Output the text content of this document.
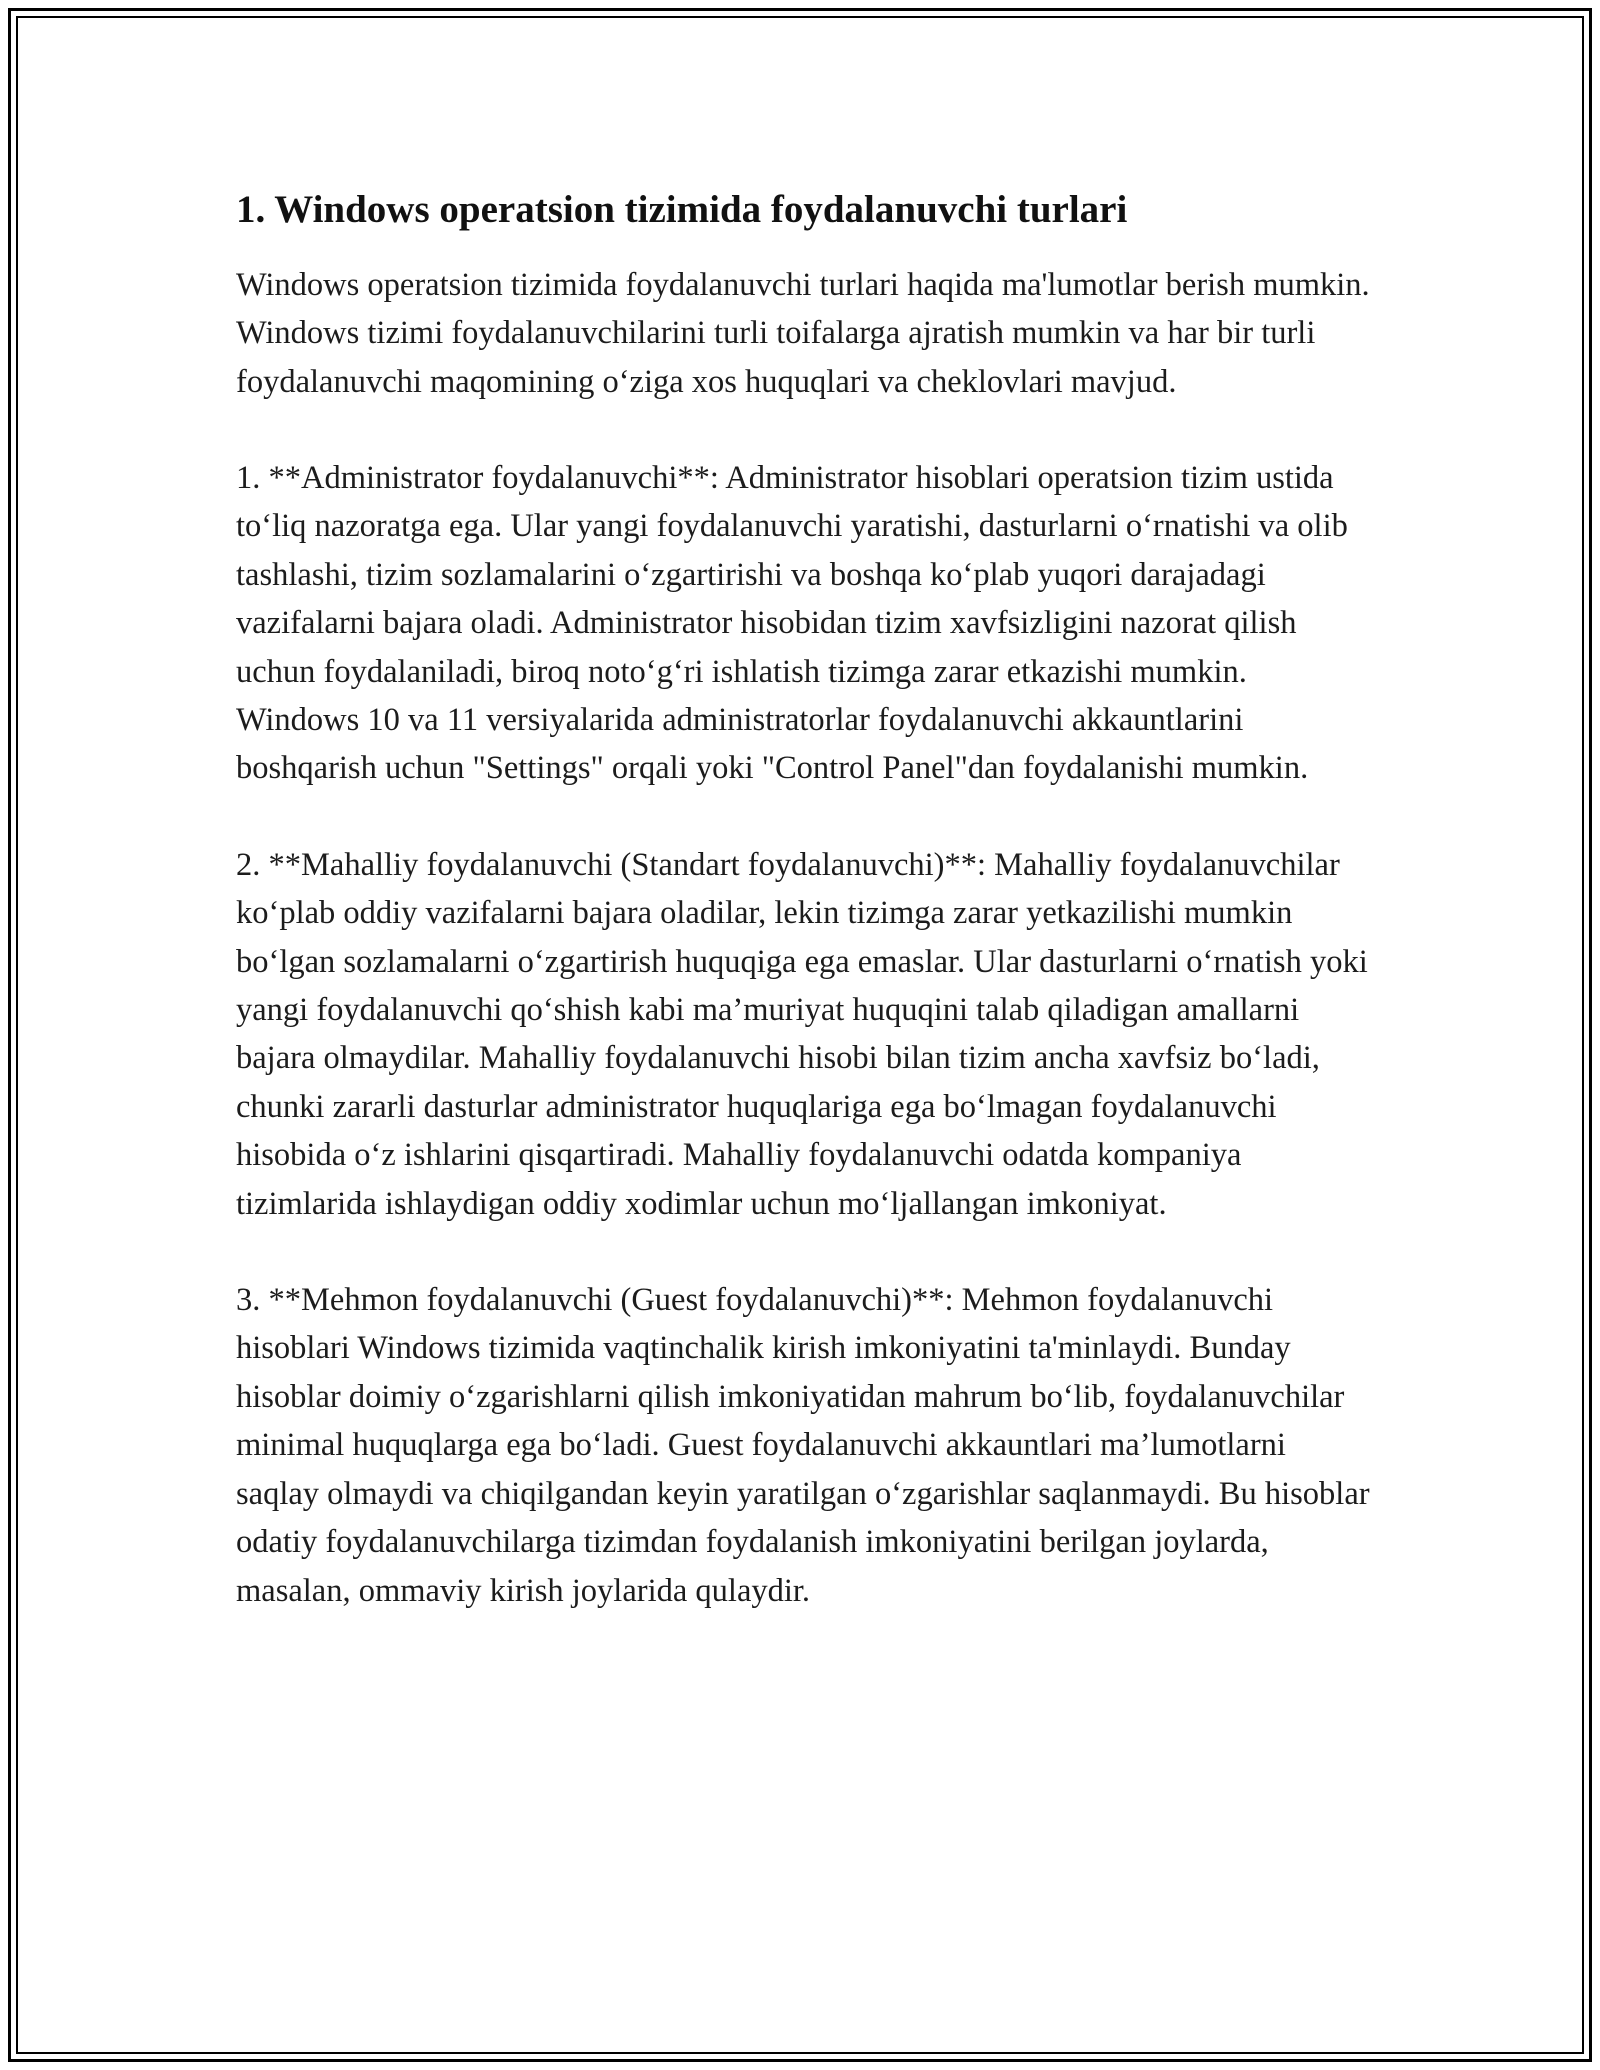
1. Windows operatsion tizimida foydalanuvchi turlari

Windows operatsion tizimida foydalanuvchi turlari haqida ma'lumotlar berish mumkin. Windows tizimi foydalanuvchilarini turli toifalarga ajratish mumkin va har bir turli foydalanuvchi maqomining o‘ziga xos huquqlari va cheklovlari mavjud.

1. **Administrator foydalanuvchi**: Administrator hisoblari operatsion tizim ustida to‘liq nazoratga ega. Ular yangi foydalanuvchi yaratishi, dasturlarni o‘rnatishi va olib tashlashi, tizim sozlamalarini o‘zgartirishi va boshqa ko‘plab yuqori darajadagi vazifalarni bajara oladi. Administrator hisobidan tizim xavfsizligini nazorat qilish uchun foydalaniladi, biroq noto‘g‘ri ishlatish tizimga zarar etkazishi mumkin. Windows 10 va 11 versiyalarida administratorlar foydalanuvchi akkauntlarini boshqarish uchun "Settings" orqali yoki "Control Panel"dan foydalanishi mumkin.

2. **Mahalliy foydalanuvchi (Standart foydalanuvchi)**: Mahalliy foydalanuvchilar ko‘plab oddiy vazifalarni bajara oladilar, lekin tizimga zarar yetkazilishi mumkin bo‘lgan sozlamalarni o‘zgartirish huquqiga ega emaslar. Ular dasturlarni o‘rnatish yoki yangi foydalanuvchi qo‘shish kabi ma’muriyat huquqini talab qiladigan amallarni bajara olmaydilar. Mahalliy foydalanuvchi hisobi bilan tizim ancha xavfsiz bo‘ladi, chunki zararli dasturlar administrator huquqlariga ega bo‘lmagan foydalanuvchi hisobida o‘z ishlarini qisqartiradi. Mahalliy foydalanuvchi odatda kompaniya tizimlarida ishlaydigan oddiy xodimlar uchun mo‘ljallangan imkoniyat.

3. **Mehmon foydalanuvchi (Guest foydalanuvchi)**: Mehmon foydalanuvchi hisoblari Windows tizimida vaqtinchalik kirish imkoniyatini ta'minlaydi. Bunday hisoblar doimiy o‘zgarishlarni qilish imkoniyatidan mahrum bo‘lib, foydalanuvchilar minimal huquqlarga ega bo‘ladi. Guest foydalanuvchi akkauntlari ma’lumotlarni saqlay olmaydi va chiqilgandan keyin yaratilgan o‘zgarishlar saqlanmaydi. Bu hisoblar odatiy foydalanuvchilarga tizimdan foydalanish imkoniyatini berilgan joylarda, masalan, ommaviy kirish joylarida qulaydir.
